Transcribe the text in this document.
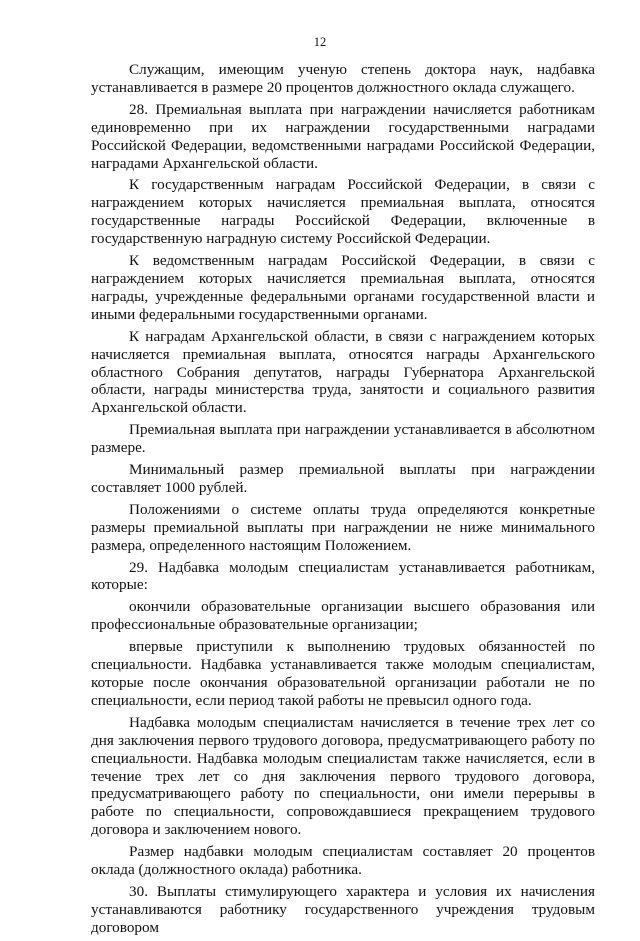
12

Служащим, имеющим ученую степень доктора наук, надбавка устанавливается в размере 20 процентов должностного оклада служащего.

28. Премиальная выплата при награждении начисляется работникам единовременно при их награждении государственными наградами Российской Федерации, ведомственными наградами Российской Федерации, наградами Архангельской области.

К государственным наградам Российской Федерации, в связи с награждением которых начисляется премиальная выплата, относятся государственные награды Российской Федерации, включенные в государственную наградную систему Российской Федерации.

К ведомственным наградам Российской Федерации, в связи с награждением которых начисляется премиальная выплата, относятся награды, учрежденные федеральными органами государственной власти и иными федеральными государственными органами.

К наградам Архангельской области, в связи с награждением которых начисляется премиальная выплата, относятся награды Архангельского областного Собрания депутатов, награды Губернатора Архангельской области, награды министерства труда, занятости и социального развития Архангельской области.

Премиальная выплата при награждении устанавливается в абсолютном размере.

Минимальный размер премиальной выплаты при награждении составляет 1000 рублей.

Положениями о системе оплаты труда определяются конкретные размеры премиальной выплаты при награждении не ниже минимального размера, определенного настоящим Положением.

29. Надбавка молодым специалистам устанавливается работникам, которые:

окончили образовательные организации высшего образования или профессиональные образовательные организации;

впервые приступили к выполнению трудовых обязанностей по специальности. Надбавка устанавливается также молодым специалистам, которые после окончания образовательной организации работали не по специальности, если период такой работы не превысил одного года.

Надбавка молодым специалистам начисляется в течение трех лет со дня заключения первого трудового договора, предусматривающего работу по специальности. Надбавка молодым специалистам также начисляется, если в течение трех лет со дня заключения первого трудового договора, предусматривающего работу по специальности, они имели перерывы в работе по специальности, сопровождавшиеся прекращением трудового договора и заключением нового.

Размер надбавки молодым специалистам составляет 20 процентов оклада (должностного оклада) работника.

30. Выплаты стимулирующего характера и условия их начисления устанавливаются работнику государственного учреждения трудовым договором
